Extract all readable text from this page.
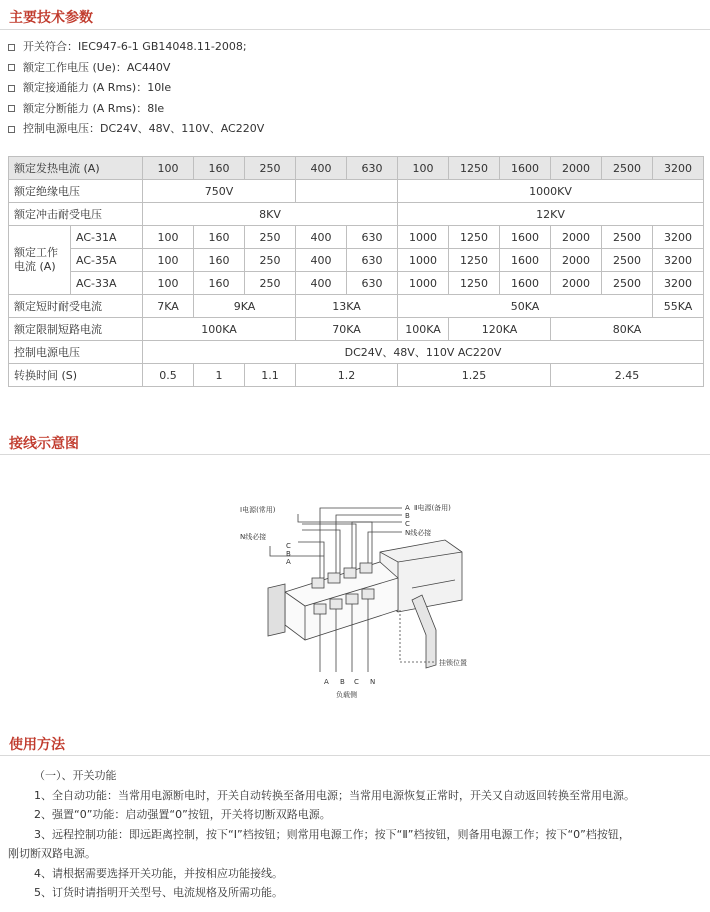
主要技术参数
开关符合：IEC947-6-1 GB14048.11-2008;
额定工作电压 (Ue)：AC440V
额定接通能力 (A Rms)：10Ie
额定分断能力 (A Rms)：8Ie
控制电源电压：DC24V、48V、110V、AC220V
额定发热电流 (A)		100	160	250	400	630	100	1250	1600	2000	2500	3200
额定绝缘电压		750V					1000KV					
额定冲击耐受电压		8KV					12KV					

额定工作
电流 (A)	AC-31A	100	160	250	400	630	1000	1250	1600	2000	2500	3200
	AC-35A	100	160	250	400	630	1000	1250	1600	2000	2500	3200
	AC-33A	100	160	250	400	630	1000	1250	1600	2000	2500	3200
额定短时耐受电流		7KA	9KA		13KA		50KA					55KA
额定限制短路电流		100KA			70KA		100KA	120KA		80KA		
控制电源电压		DC24V、48V、110V AC220V										
转换时间 (S)		0.5	1	1.1	1.2		1.25			2.45		
接线示意图
Ⅰ电源(常用)
N线必接
C
B
A
A Ⅱ电源(备用)
B
C
N线必接
挂锁位置
A B C N
负载侧
使用方法
（一）、开关功能
1、全自动功能：当常用电源断电时，开关自动转换至备用电源；当常用电源恢复正常时，开关又自动返回转换至常用电源。
2、强置“0”功能：启动强置“0”按钮，开关将切断双路电源。
3、远程控制功能：即远距离控制，按下“Ⅰ”档按钮；则常用电源工作；按下“Ⅱ”档按钮，则备用电源工作；按下“0”档按钮，
刚切断双路电源。
4、请根据需要选择开关功能，并按相应功能接线。
5、订货时请指明开关型号、电流规格及所需功能。
